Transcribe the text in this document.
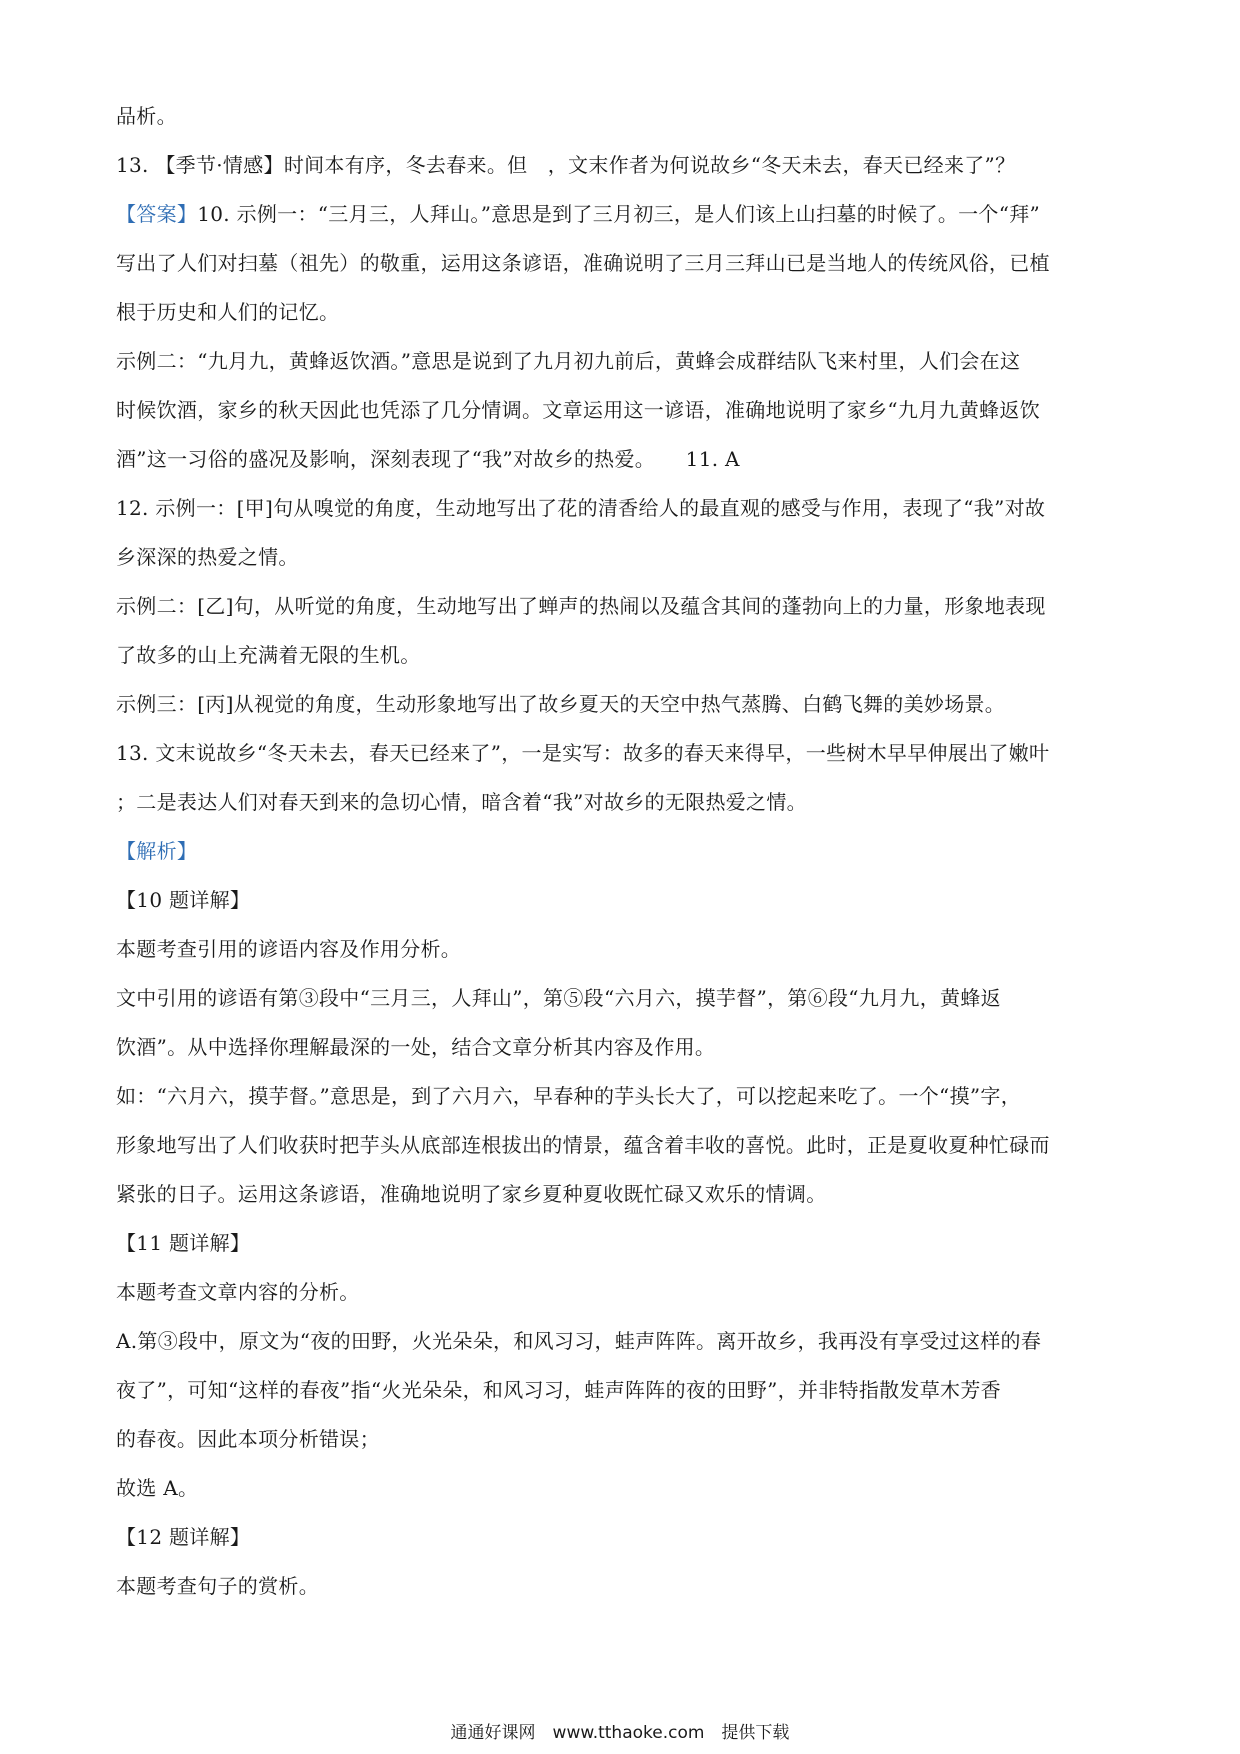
品析。
13. 【季节·情感】时间本有序，冬去春来。但　，文末作者为何说故乡“冬天未去，春天已经来了”？
【答案】10. 示例一：“三月三，人拜山。”意思是到了三月初三，是人们该上山扫墓的时候了。一个“拜”
写出了人们对扫墓（祖先）的敬重，运用这条谚语，准确说明了三月三拜山已是当地人的传统风俗，已植
根于历史和人们的记忆。
示例二：“九月九，黄蜂返饮酒。”意思是说到了九月初九前后，黄蜂会成群结队飞来村里，人们会在这
时候饮酒，家乡的秋天因此也凭添了几分情调。文章运用这一谚语，准确地说明了家乡“九月九黄蜂返饮
酒”这一习俗的盛况及影响，深刻表现了“我”对故乡的热爱。　　11. A
12. 示例一：[甲]句从嗅觉的角度，生动地写出了花的清香给人的最直观的感受与作用，表现了“我”对故
乡深深的热爱之情。
示例二：[乙]句，从听觉的角度，生动地写出了蝉声的热闹以及蕴含其间的蓬勃向上的力量，形象地表现
了故多的山上充满着无限的生机。
示例三：[丙]从视觉的角度，生动形象地写出了故乡夏天的天空中热气蒸腾、白鹤飞舞的美妙场景。
13. 文末说故乡“冬天未去，春天已经来了”，一是实写：故多的春天来得早，一些树木早早伸展出了嫩叶
；二是表达人们对春天到来的急切心情，暗含着“我”对故乡的无限热爱之情。
【解析】
【10 题详解】
本题考查引用的谚语内容及作用分析。
文中引用的谚语有第③段中“三月三，人拜山”，第⑤段“六月六，摸芋督”，第⑥段“九月九，黄蜂返
饮酒”。从中选择你理解最深的一处，结合文章分析其内容及作用。
如：“六月六，摸芋督。”意思是，到了六月六，早春种的芋头长大了，可以挖起来吃了。一个“摸”字，
形象地写出了人们收获时把芋头从底部连根拔出的情景，蕴含着丰收的喜悦。此时，正是夏收夏种忙碌而
紧张的日子。运用这条谚语，准确地说明了家乡夏种夏收既忙碌又欢乐的情调。
【11 题详解】
本题考查文章内容的分析。
A.第③段中，原文为“夜的田野，火光朵朵，和风习习，蛙声阵阵。离开故乡，我再没有享受过这样的春
夜了”，可知“这样的春夜”指“火光朵朵，和风习习，蛙声阵阵的夜的田野”，并非特指散发草木芳香
的春夜。因此本项分析错误；
故选 A。
【12 题详解】
本题考查句子的赏析。
通通好课网　www.tthaoke.com　提供下载
